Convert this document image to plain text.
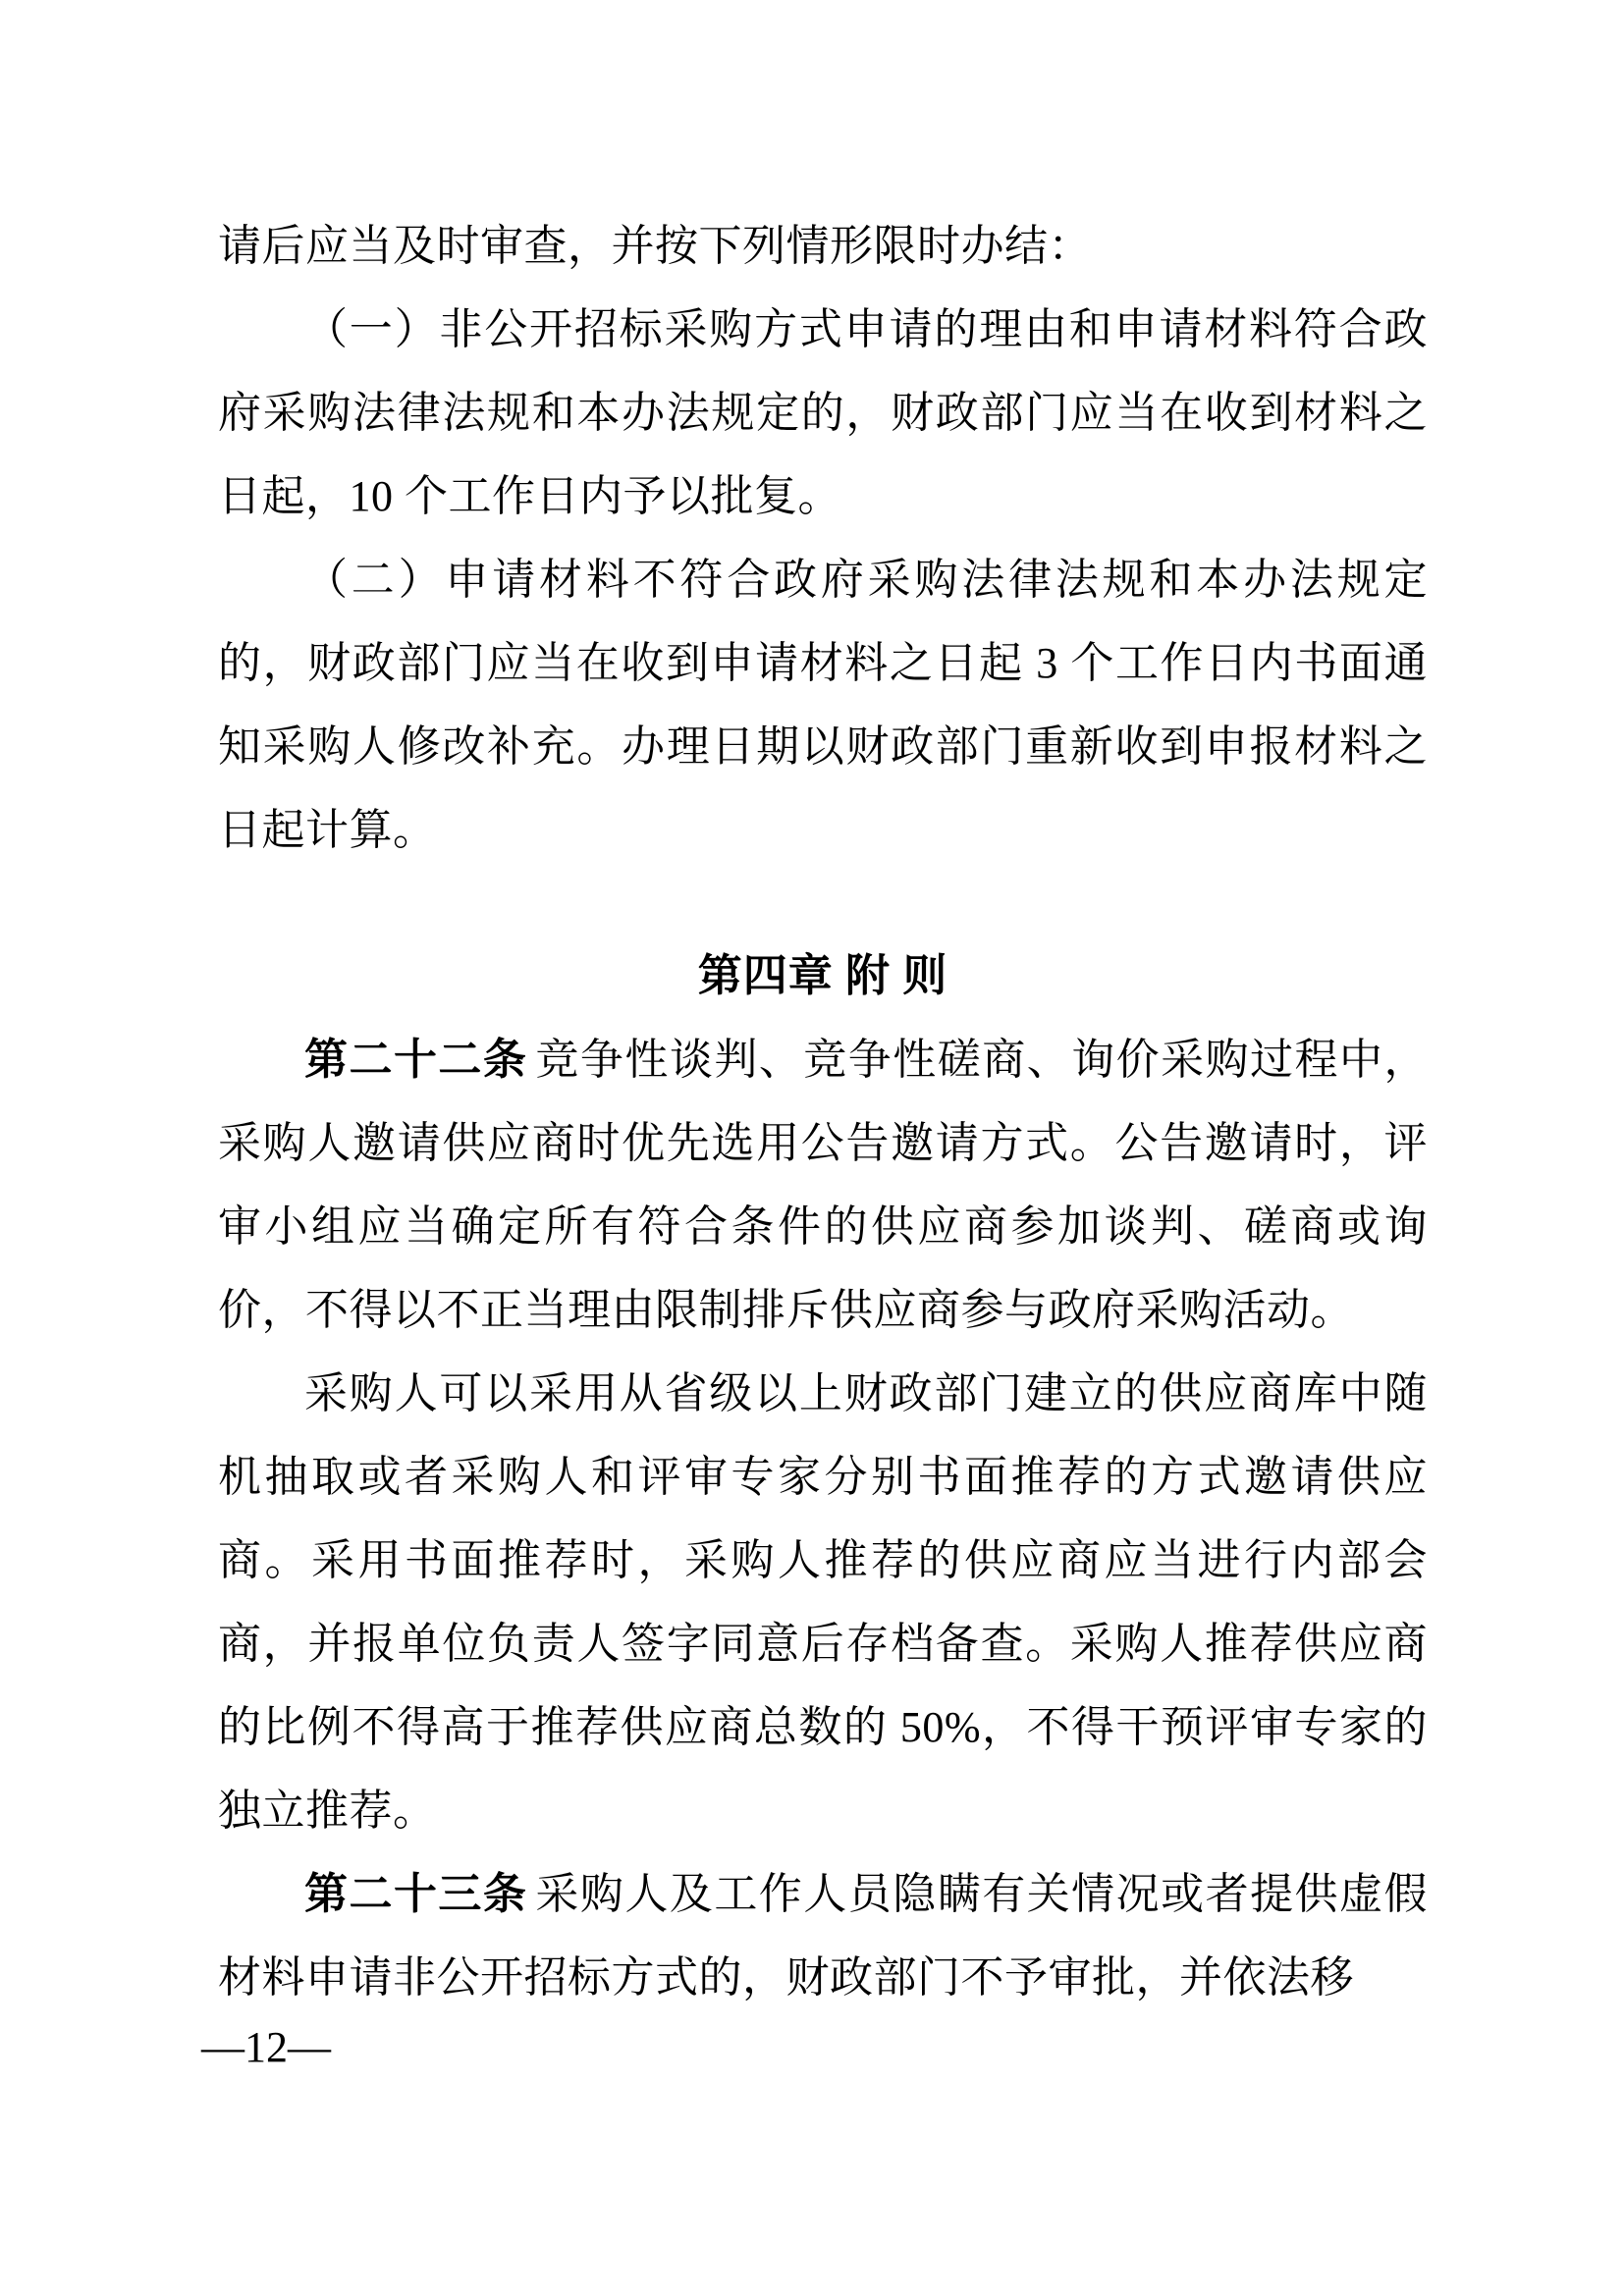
请后应当及时审查，并按下列情形限时办结：

（一）非公开招标采购方式申请的理由和申请材料符合政府采购法律法规和本办法规定的，财政部门应当在收到材料之日起，10 个工作日内予以批复。

（二）申请材料不符合政府采购法律法规和本办法规定的，财政部门应当在收到申请材料之日起 3 个工作日内书面通知采购人修改补充。办理日期以财政部门重新收到申报材料之日起计算。

第四章 附 则

第二十二条 竞争性谈判、竞争性磋商、询价采购过程中，采购人邀请供应商时优先选用公告邀请方式。公告邀请时，评审小组应当确定所有符合条件的供应商参加谈判、磋商或询价，不得以不正当理由限制排斥供应商参与政府采购活动。

采购人可以采用从省级以上财政部门建立的供应商库中随机抽取或者采购人和评审专家分别书面推荐的方式邀请供应商。采用书面推荐时，采购人推荐的供应商应当进行内部会商，并报单位负责人签字同意后存档备查。采购人推荐供应商的比例不得高于推荐供应商总数的 50%，不得干预评审专家的独立推荐。

第二十三条 采购人及工作人员隐瞒有关情况或者提供虚假材料申请非公开招标方式的，财政部门不予审批，并依法移

—12—
